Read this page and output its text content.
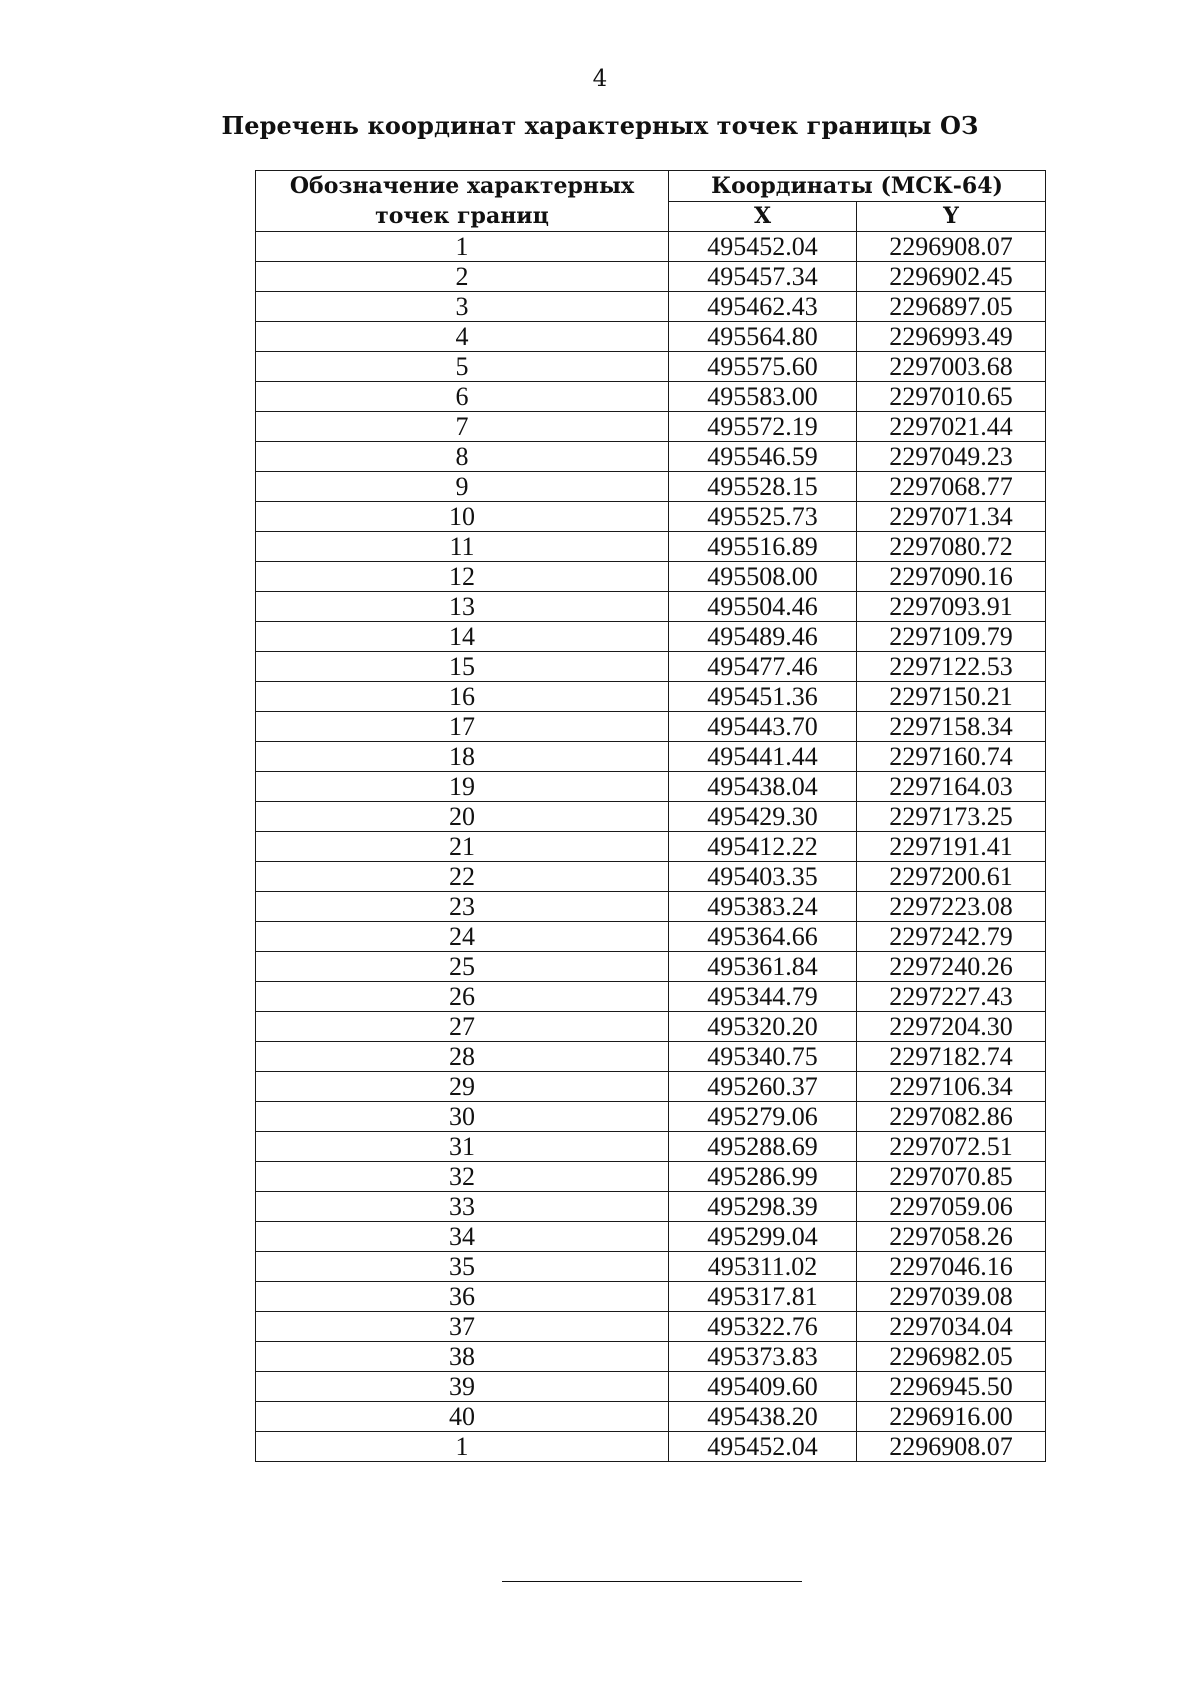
4
Перечень координат характерных точек границы ОЗ
Обозначение характерных точек границ	Координаты (МСК-64)	
	X	Y
1	495452.04	2296908.07
2	495457.34	2296902.45
3	495462.43	2296897.05
4	495564.80	2296993.49
5	495575.60	2297003.68
6	495583.00	2297010.65
7	495572.19	2297021.44
8	495546.59	2297049.23
9	495528.15	2297068.77
10	495525.73	2297071.34
11	495516.89	2297080.72
12	495508.00	2297090.16
13	495504.46	2297093.91
14	495489.46	2297109.79
15	495477.46	2297122.53
16	495451.36	2297150.21
17	495443.70	2297158.34
18	495441.44	2297160.74
19	495438.04	2297164.03
20	495429.30	2297173.25
21	495412.22	2297191.41
22	495403.35	2297200.61
23	495383.24	2297223.08
24	495364.66	2297242.79
25	495361.84	2297240.26
26	495344.79	2297227.43
27	495320.20	2297204.30
28	495340.75	2297182.74
29	495260.37	2297106.34
30	495279.06	2297082.86
31	495288.69	2297072.51
32	495286.99	2297070.85
33	495298.39	2297059.06
34	495299.04	2297058.26
35	495311.02	2297046.16
36	495317.81	2297039.08
37	495322.76	2297034.04
38	495373.83	2296982.05
39	495409.60	2296945.50
40	495438.20	2296916.00
1	495452.04	2296908.07
